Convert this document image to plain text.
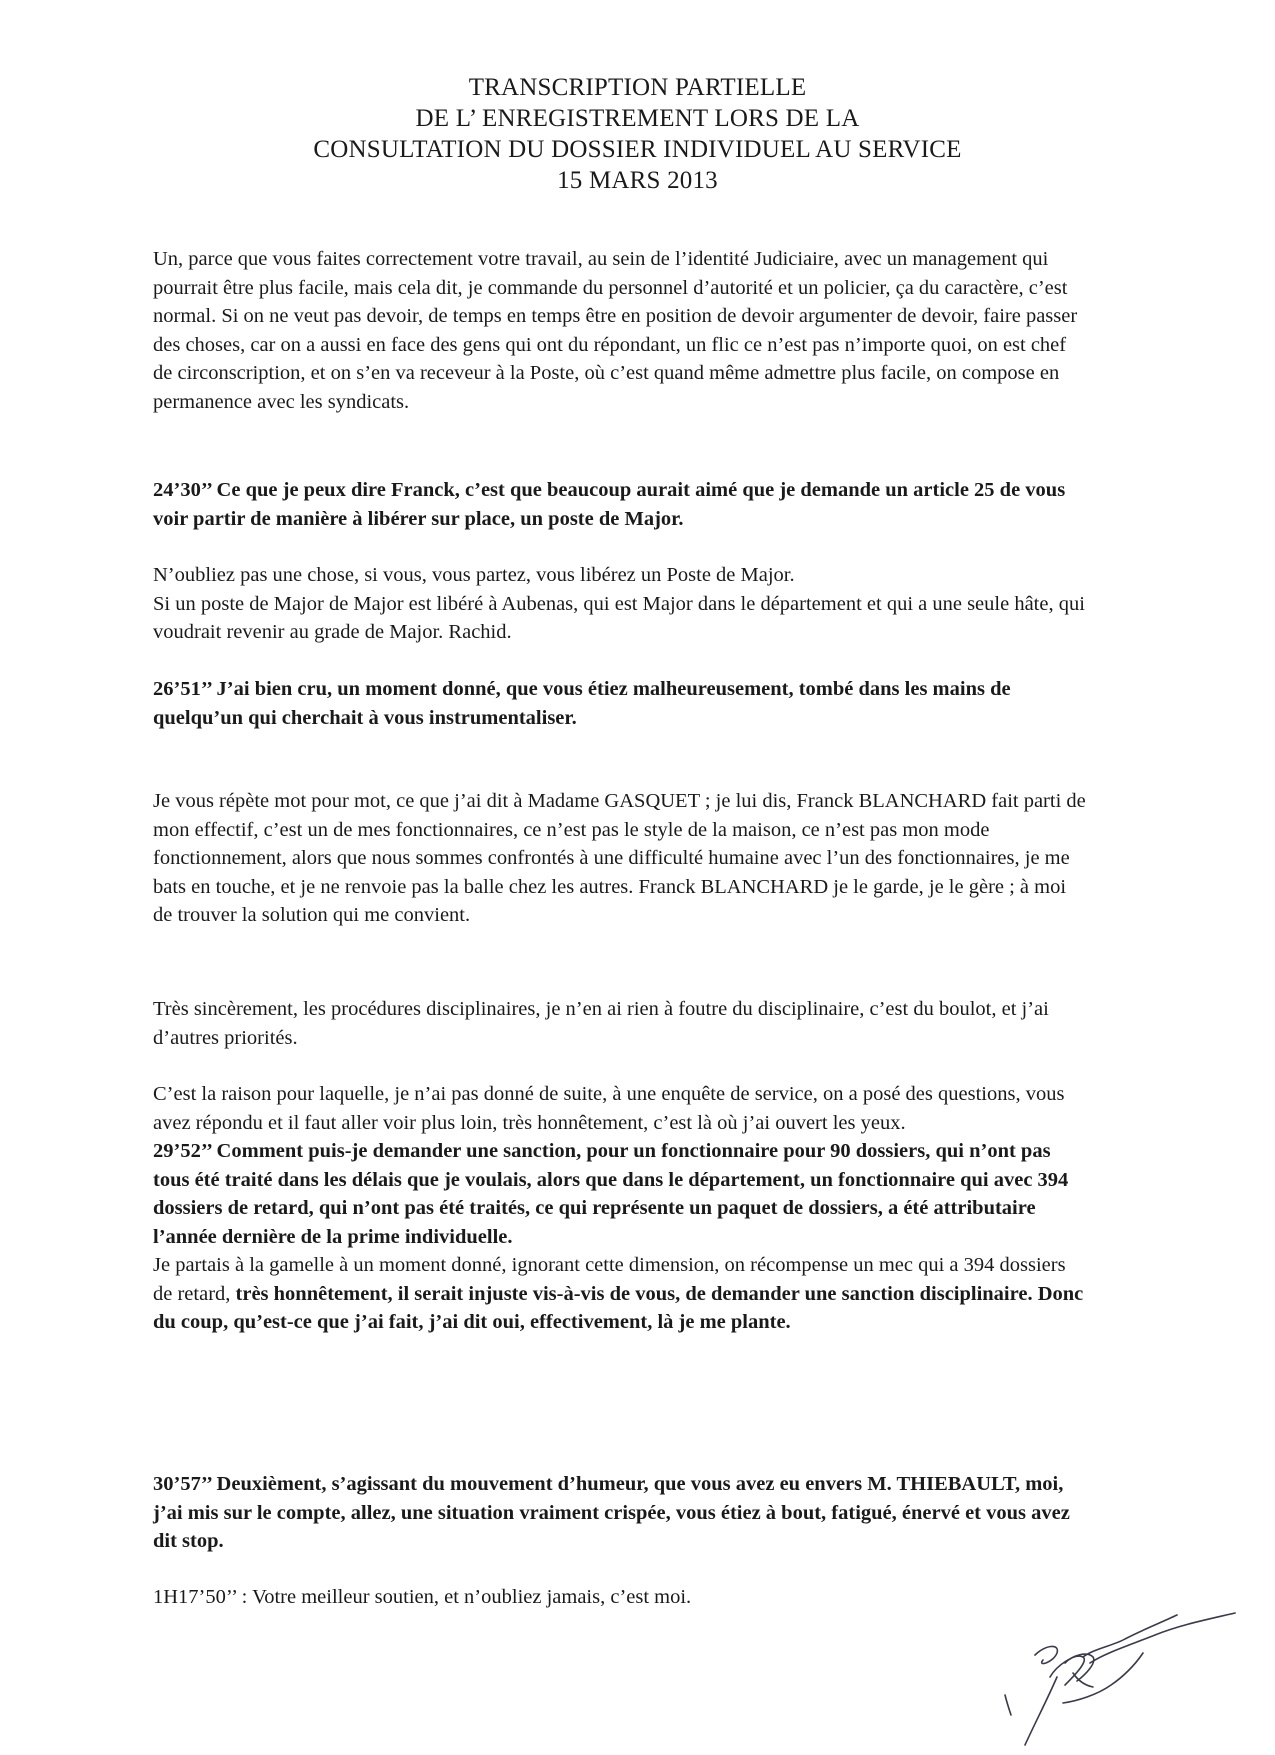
TRANSCRIPTION PARTIELLE
DE L’ ENREGISTREMENT LORS DE LA
CONSULTATION DU DOSSIER INDIVIDUEL AU SERVICE
15 MARS 2013

Un, parce que vous faites correctement votre travail, au sein de l’identité Judiciaire, avec un management qui pourrait être plus facile, mais cela dit, je commande du personnel d’autorité et un policier, ça du caractère, c’est normal. Si on ne veut pas devoir, de temps en temps être en position de devoir argumenter de devoir, faire passer des choses, car on a aussi en face des gens qui ont du répondant, un flic ce n’est pas n’importe quoi, on est chef de circonscription, et on s’en va receveur à la Poste, où c’est quand même admettre plus facile, on compose en permanence avec les syndicats.

24’30’’ Ce que je peux dire Franck, c’est que beaucoup aurait aimé que je demande un article 25 de vous voir partir de manière à libérer sur place, un poste de Major.

N’oubliez pas une chose, si vous, vous partez, vous libérez un Poste de Major.

Si un poste de Major de Major est libéré à Aubenas, qui est Major dans le département et qui a une seule hâte, qui voudrait revenir au grade de Major. Rachid.

26’51’’ J’ai bien cru, un moment donné, que vous étiez malheureusement, tombé dans les mains de quelqu’un qui cherchait à vous instrumentaliser.

Je vous répète mot pour mot, ce que j’ai dit à Madame GASQUET ; je lui dis, Franck BLANCHARD fait parti de mon effectif, c’est un de mes fonctionnaires, ce n’est pas le style de la maison, ce n’est pas mon mode fonctionnement, alors que nous sommes confrontés à une difficulté humaine avec l’un des fonctionnaires, je me bats en touche, et je ne renvoie pas la balle chez les autres. Franck BLANCHARD je le garde, je le gère ; à moi de trouver la solution qui me convient.

Très sincèrement, les procédures disciplinaires, je n’en ai rien à foutre du disciplinaire, c’est du boulot, et j’ai d’autres priorités.

C’est la raison pour laquelle, je n’ai pas donné de suite, à une enquête de service, on a posé des questions, vous avez répondu et il faut aller voir plus loin, très honnêtement, c’est là où j’ai ouvert les yeux.

29’52’’ Comment puis-je demander une sanction, pour un fonctionnaire pour 90 dossiers, qui n’ont pas tous été traité dans les délais que je voulais, alors que dans le département, un fonctionnaire qui avec 394 dossiers de retard, qui n’ont pas été traités, ce qui représente un paquet de dossiers, a été attributaire l’année dernière de la prime individuelle.

Je partais à la gamelle à un moment donné, ignorant cette dimension, on récompense un mec qui a 394 dossiers de retard, très honnêtement, il serait injuste vis-à-vis de vous, de demander une sanction disciplinaire. Donc du coup, qu’est-ce que j’ai fait, j’ai dit oui, effectivement, là je me plante.

30’57’’ Deuxièment, s’agissant du mouvement d’humeur, que vous avez eu envers M. THIEBAULT, moi, j’ai mis sur le compte, allez, une situation vraiment crispée, vous étiez à bout, fatigué, énervé et vous avez dit stop.

1H17’50’’ : Votre meilleur soutien, et n’oubliez jamais, c’est moi.
